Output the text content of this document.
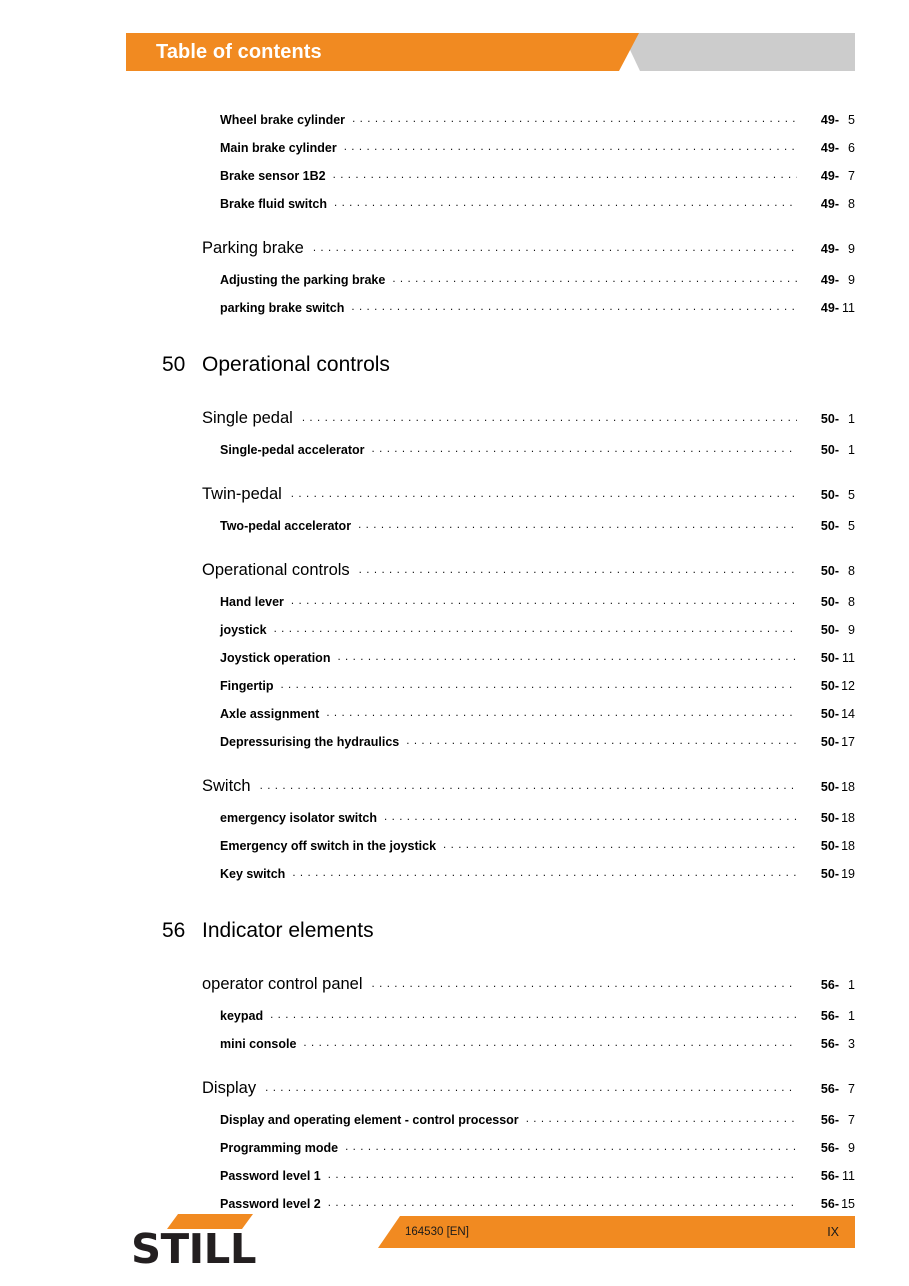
Table of contents
Wheel brake cylinder . . .	49- 5
Main brake cylinder . . .	49- 6
Brake sensor 1B2 . . .	49- 7
Brake fluid switch . . .	49- 8
Parking brake . . .	49- 9
Adjusting the parking brake . . .	49- 9
parking brake switch . . .	49- 11
50 Operational controls
Single pedal . . .	50- 1
Single-pedal accelerator . . .	50- 1
Twin-pedal . . .	50- 5
Two-pedal accelerator . . .	50- 5
Operational controls . . .	50- 8
Hand lever . . .	50- 8
joystick . . .	50- 9
Joystick operation . . .	50- 11
Fingertip . . .	50- 12
Axle assignment . . .	50- 14
Depressurising the hydraulics . . .	50- 17
Switch . . .	50- 18
emergency isolator switch . . .	50- 18
Emergency off switch in the joystick . . .	50- 18
Key switch . . .	50- 19
56 Indicator elements
operator control panel . . .	56- 1
keypad . . .	56- 1
mini console . . .	56- 3
Display . . .	56- 7
Display and operating element - control processor . . .	56- 7
Programming mode . . .	56- 9
Password level 1 . . .	56- 11
Password level 2 . . .	56- 15
STILL	164530 [EN]	IX
